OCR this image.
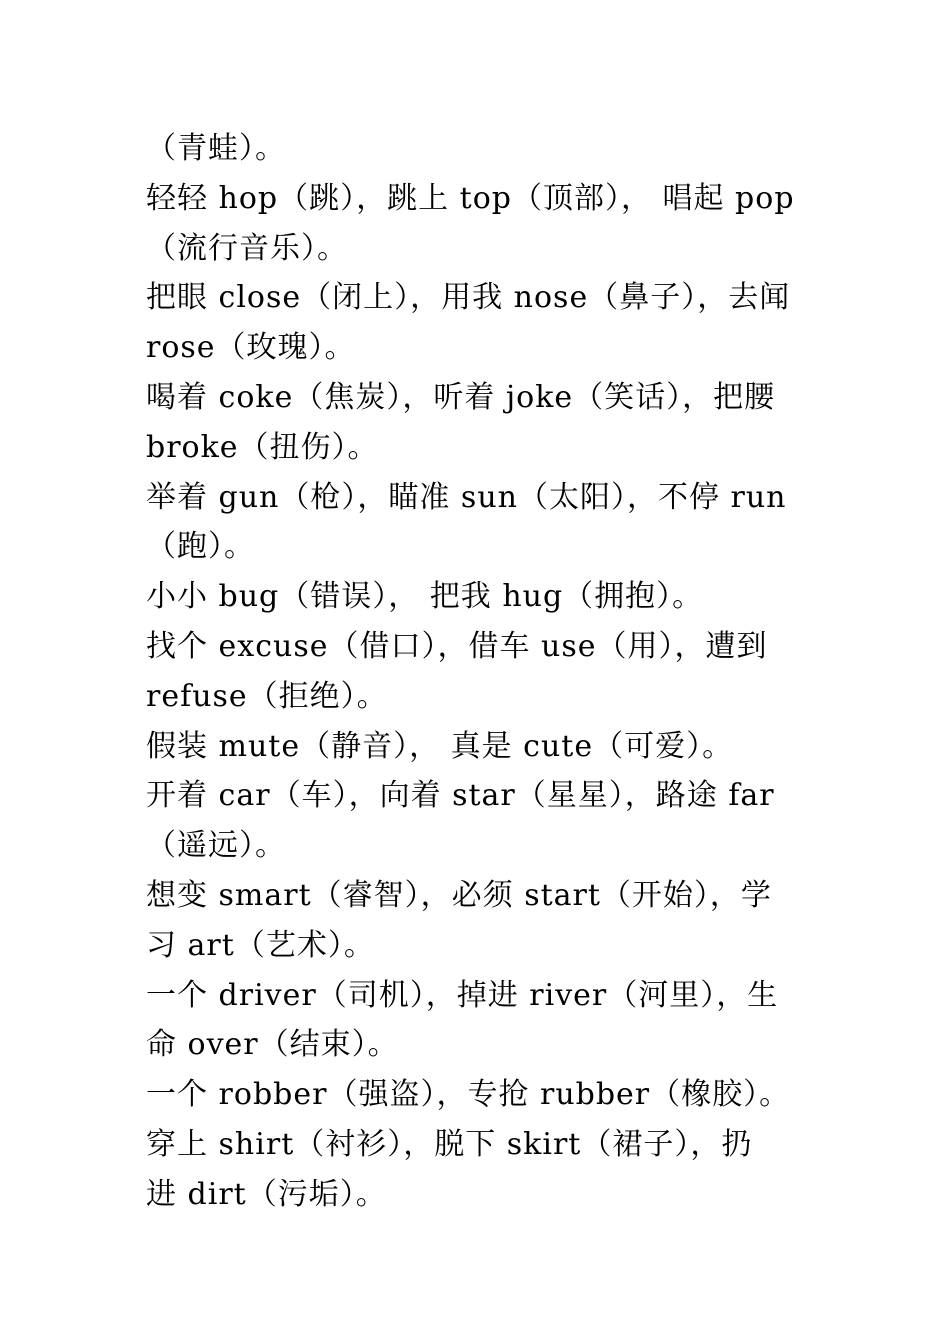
（青蛙）。
轻轻 hop（跳），跳上 top（顶部）， 唱起 pop
（流行音乐）。
把眼 close（闭上），用我 nose（鼻子），去闻
rose（玫瑰）。
喝着 coke（焦炭），听着 joke（笑话），把腰
broke（扭伤）。
举着 gun（枪），瞄准 sun（太阳），不停 run
（跑）。
小小 bug（错误）， 把我 hug（拥抱）。
找个 excuse（借口），借车 use（用），遭到
refuse（拒绝）。
假装 mute（静音）， 真是 cute（可爱）。
开着 car（车），向着 star（星星），路途 far
（遥远）。
想变 smart（睿智），必须 start（开始），学
习 art（艺术）。
一个 driver（司机），掉进 river（河里），生
命 over（结束）。
一个 robber（强盗），专抢 rubber（橡胶）。
穿上 shirt（衬衫），脱下 skirt（裙子），扔
进 dirt（污垢）。
